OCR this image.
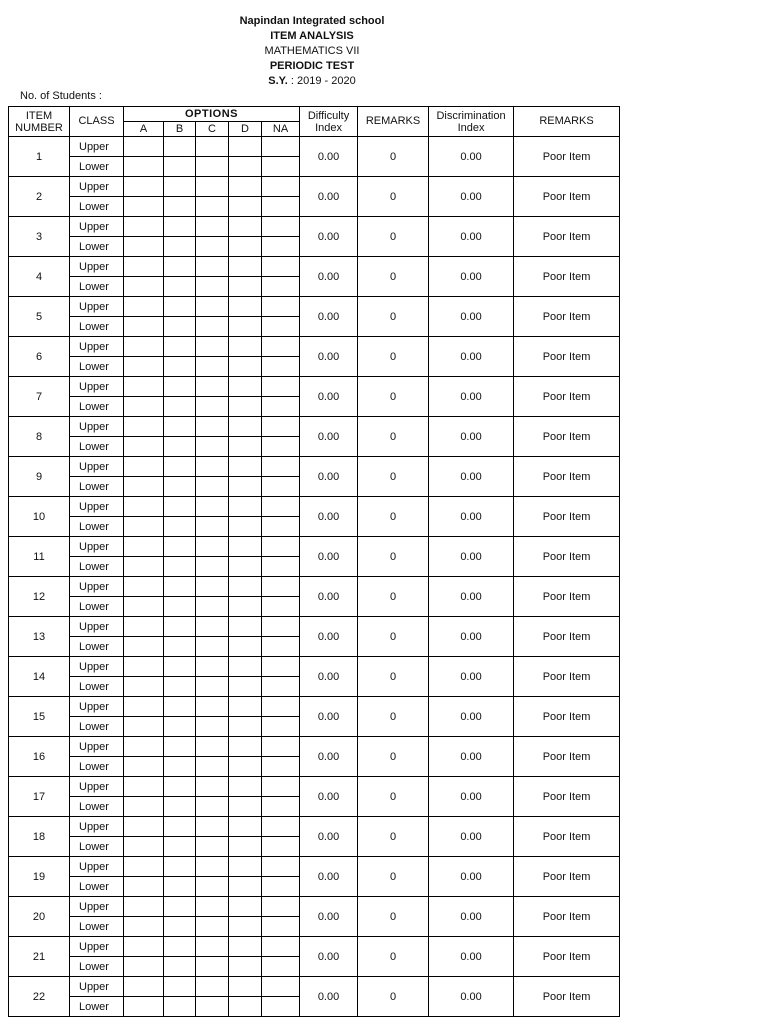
Napindan Integrated school
ITEM ANALYSIS
MATHEMATICS VII
PERIODIC TEST
S.Y. : 2019 - 2020
No. of Students :
ITEM NUMBER	CLASS	OPTIONS					Difficulty Index	REMARKS	Discrimination Index	REMARKS
		A	B	C	D	NA				
1	Upper						0.00	0	0.00	Poor Item
	Lower									
2	Upper						0.00	0	0.00	Poor Item
	Lower									
3	Upper						0.00	0	0.00	Poor Item
	Lower									
4	Upper						0.00	0	0.00	Poor Item
	Lower									
5	Upper						0.00	0	0.00	Poor Item
	Lower									
6	Upper						0.00	0	0.00	Poor Item
	Lower									
7	Upper						0.00	0	0.00	Poor Item
	Lower									
8	Upper						0.00	0	0.00	Poor Item
	Lower									
9	Upper						0.00	0	0.00	Poor Item
	Lower									
10	Upper						0.00	0	0.00	Poor Item
	Lower									
11	Upper						0.00	0	0.00	Poor Item
	Lower									
12	Upper						0.00	0	0.00	Poor Item
	Lower									
13	Upper						0.00	0	0.00	Poor Item
	Lower									
14	Upper						0.00	0	0.00	Poor Item
	Lower									
15	Upper						0.00	0	0.00	Poor Item
	Lower									
16	Upper						0.00	0	0.00	Poor Item
	Lower									
17	Upper						0.00	0	0.00	Poor Item
	Lower									
18	Upper						0.00	0	0.00	Poor Item
	Lower									
19	Upper						0.00	0	0.00	Poor Item
	Lower									
20	Upper						0.00	0	0.00	Poor Item
	Lower									
21	Upper						0.00	0	0.00	Poor Item
	Lower									
22	Upper						0.00	0	0.00	Poor Item
	Lower									
